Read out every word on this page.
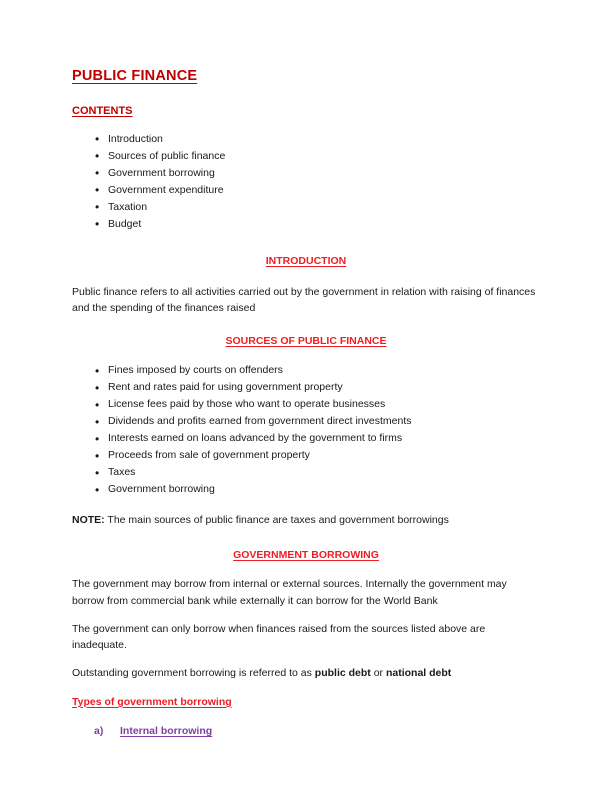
PUBLIC FINANCE
CONTENTS
• Introduction
• Sources of public finance
• Government borrowing
• Government expenditure
• Taxation
• Budget
INTRODUCTION

Public finance refers to all activities carried out by the government in relation with raising of finances and the spending of the finances raised

SOURCES OF PUBLIC FINANCE
• Fines imposed by courts on offenders
• Rent and rates paid for using government property
• License fees paid by those who want to operate businesses
• Dividends and profits earned from government direct investments
• Interests earned on loans advanced by the government to firms
• Proceeds from sale of government property
• Taxes
• Government borrowing

NOTE: The main sources of public finance are taxes and government borrowings

GOVERNMENT BORROWING

The government may borrow from internal or external sources. Internally the government may borrow from commercial bank while externally it can borrow for the World Bank

The government can only borrow when finances raised from the sources listed above are inadequate.

Outstanding government borrowing is referred to as public debt or national debt

Types of government borrowing
a) Internal borrowing
